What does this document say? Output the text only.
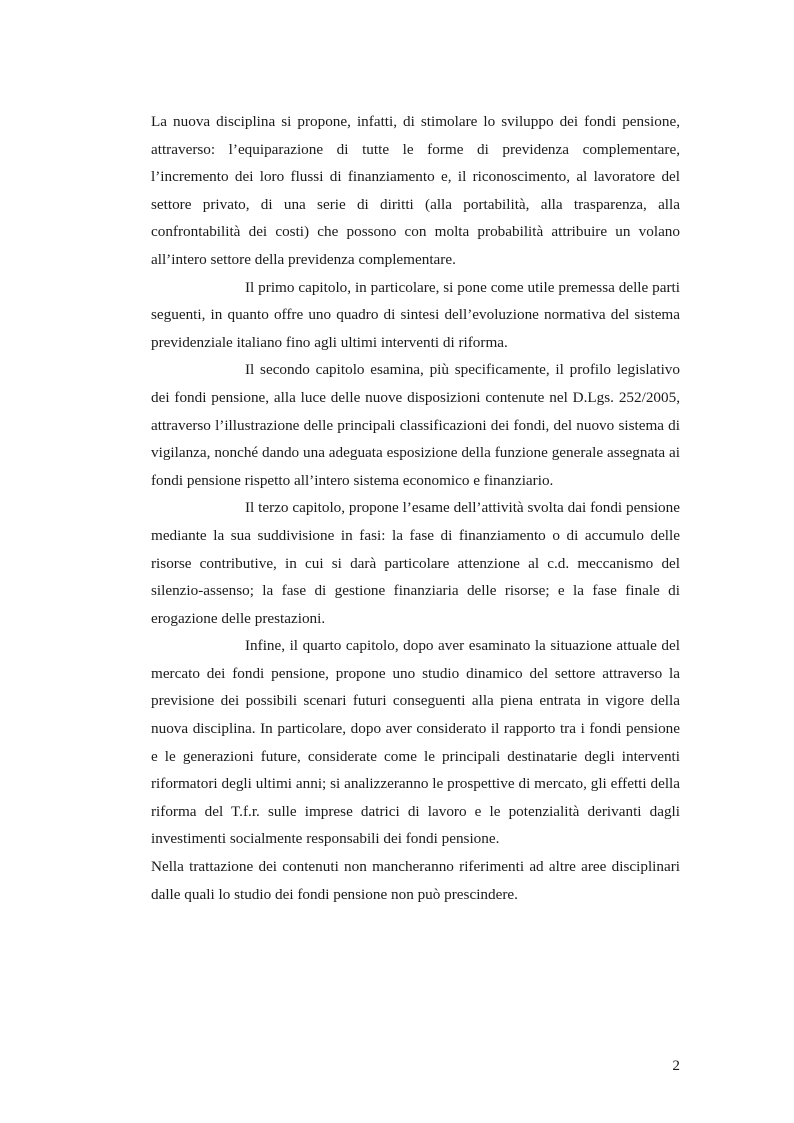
La nuova disciplina si propone, infatti, di stimolare lo sviluppo dei fondi pensione, attraverso: l’equiparazione di tutte le forme di previdenza complementare, l’incremento dei loro flussi di finanziamento e, il riconoscimento, al lavoratore del settore privato, di una serie di diritti (alla portabilità, alla trasparenza, alla confrontabilità dei costi) che possono con molta probabilità attribuire un volano all’intero settore della previdenza complementare.

Il primo capitolo, in particolare, si pone come utile premessa delle parti seguenti, in quanto offre uno quadro di sintesi dell’evoluzione normativa del sistema previdenziale italiano fino agli ultimi interventi di riforma.

Il secondo capitolo esamina, più specificamente, il profilo legislativo dei fondi pensione, alla luce delle nuove disposizioni contenute nel D.Lgs. 252/2005, attraverso l’illustrazione delle principali classificazioni dei fondi, del nuovo sistema di vigilanza, nonché dando una adeguata esposizione della funzione generale assegnata ai fondi pensione rispetto all’intero sistema economico e finanziario.

Il terzo capitolo, propone l’esame dell’attività svolta dai fondi pensione mediante la sua suddivisione in fasi: la fase di finanziamento o di accumulo delle risorse contributive, in cui si darà particolare attenzione al c.d. meccanismo del silenzio-assenso; la fase di gestione finanziaria delle risorse; e la fase finale di erogazione delle prestazioni.

Infine, il quarto capitolo, dopo aver esaminato la situazione attuale del mercato dei fondi pensione, propone uno studio dinamico del settore attraverso la previsione dei possibili scenari futuri conseguenti alla piena entrata in vigore della nuova disciplina. In particolare, dopo aver considerato il rapporto tra i fondi pensione e le generazioni future, considerate come le principali destinatarie degli interventi riformatori degli ultimi anni; si analizzeranno le prospettive di mercato, gli effetti della riforma del T.f.r. sulle imprese datrici di lavoro e le potenzialità derivanti dagli investimenti socialmente responsabili dei fondi pensione.

Nella trattazione dei contenuti non mancheranno riferimenti ad altre aree disciplinari dalle quali lo studio dei fondi pensione non può prescindere.

2
